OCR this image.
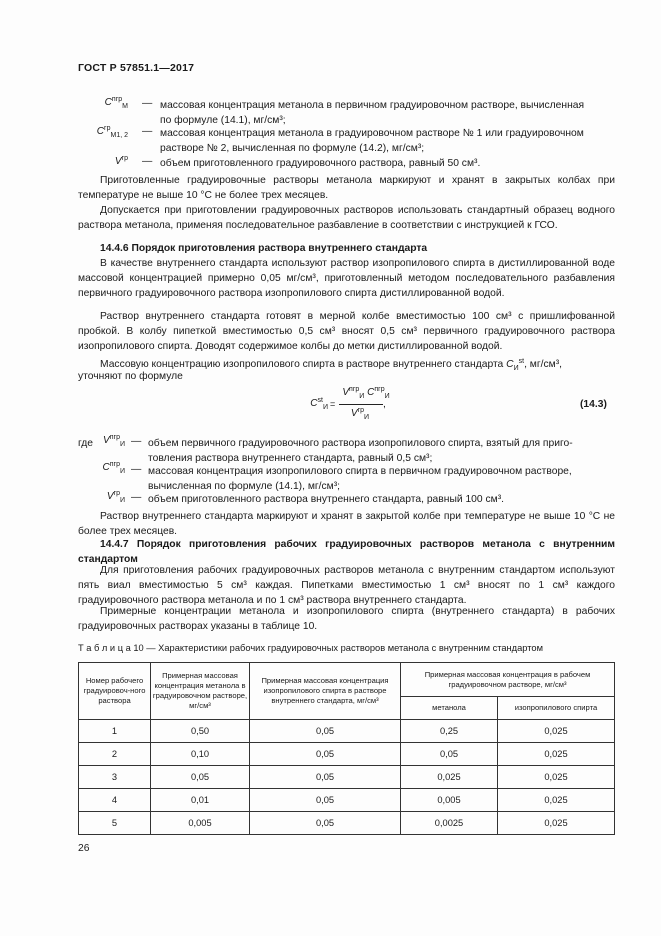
ГОСТ Р 57851.1—2017
$C^{пгр}_М$ — массовая концентрация метанола в первичном градуировочном растворе, вычисленная
по формуле (14.1), мг/см³;
$C^{гр}_{М1, 2}$ — массовая концентрация метанола в градуировочном растворе № 1 или градуировочном
растворе № 2, вычисленная по формуле (14.2), мг/см³;
$V^{гр}$ — объем приготовленного градуировочного раствора, равный 50 см³.
Приготовленные градуировочные растворы метанола маркируют и хранят в закрытых колбах при температуре не выше 10 °С не более трех месяцев.
Допускается при приготовлении градуировочных растворов использовать стандартный образец водного раствора метанола, применяя последовательное разбавление в соответствии с инструкцией к ГСО.
14.4.6 Порядок приготовления раствора внутреннего стандарта
В качестве внутреннего стандарта используют раствор изопропилового спирта в дистиллированной воде массовой концентрацией примерно 0,05 мг/см³, приготовленный методом последовательного разбавления первичного градуировочного раствора изопропилового спирта дистиллированной водой.
Раствор внутреннего стандарта готовят в мерной колбе вместимостью 100 см³ с пришлифованной пробкой. В колбу пипеткой вместимостью 0,5 см³ вносят 0,5 см³ первичного градуировочного раствора изопропилового спирта. Доводят содержимое колбы до метки дистиллированной водой.
Массовую концентрацию изопропилового спирта в растворе внутреннего стандарта $C_Иst$, мг/см³,
уточняют по формуле
$Cst_И$ =
$V^{пгр}_И$ $C^{пгр}_И$
$V^{гр}_И$
,	(14.3)
где	$V^{пгр}_И$ — объем первичного градуировочного раствора изопропилового спирта, взятый для приго-
товления раствора внутреннего стандарта, равный 0,5 см³;
$C^{пгр}_И$ — массовая концентрация изопропилового спирта в первичном градуировочном растворе,
вычисленная по формуле (14.1), мг/см³;
$V^{гр}_И$ — объем приготовленного раствора внутреннего стандарта, равный 100 см³.
Раствор внутреннего стандарта маркируют и хранят в закрытой колбе при температуре не выше 10 °С не более трех месяцев.
14.4.7 Порядок приготовления рабочих градуировочных растворов метанола с внутренним стандартом
Для приготовления рабочих градуировочных растворов метанола с внутренним стандартом используют пять виал вместимостью 5 см³ каждая. Пипетками вместимостью 1 см³ вносят по 1 см³ каждого градуировочного раствора метанола и по 1 см³ раствора внутреннего стандарта.
Примерные концентрации метанола и изопропилового спирта (внутреннего стандарта) в рабочих градуировочных растворах указаны в таблице 10.
Т а б л и ц а 10 — Характеристики рабочих градуировочных растворов метанола с внутренним стандартом
Номер рабочего градуировоч-ного раствора	Примерная массовая концентрация метанола в градуировочном растворе, мг/см³	Примерная массовая концентрация изопропилового спирта в растворе внутреннего стандарта, мг/см³	Примерная массовая концентрация в рабочем градуировочном растворе, мг/см³	
			метанола	изопропилового спирта
1	0,50	0,05	0,25	0,025
2	0,10	0,05	0,05	0,025
3	0,05	0,05	0,025	0,025
4	0,01	0,05	0,005	0,025
5	0,005	0,05	0,0025	0,025
26
